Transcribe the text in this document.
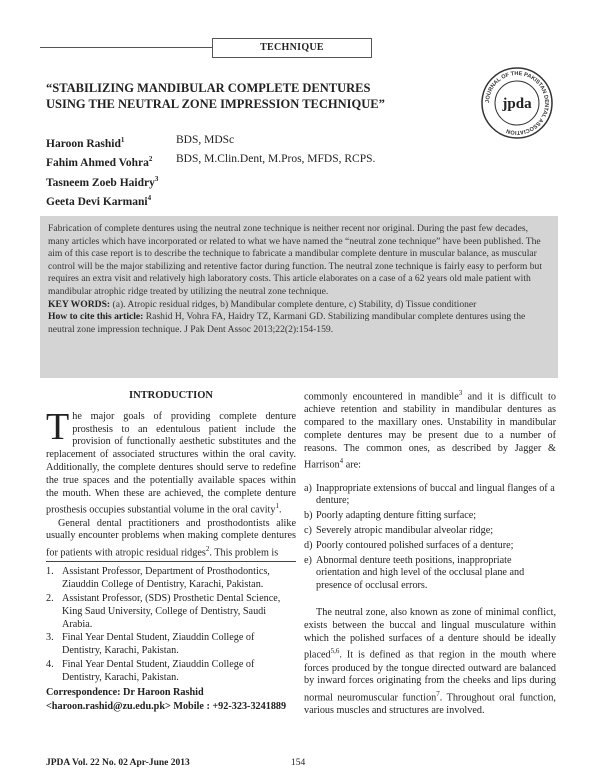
TECHNIQUE
“STABILIZING MANDIBULAR COMPLETE DENTURES
USING THE NEUTRAL ZONE IMPRESSION TECHNIQUE”	JOURNAL OF THE PAKISTAN DENTAL ASSOCIATION
jpda
Haroon Rashid$^1$	BDS, MDSc
Fahim Ahmed Vohra$^2$	BDS, M.Clin.Dent, M.Pros, MFDS, RCPS.
Tasneem Zoeb Haidry$^3$
Geeta Devi Karmani$^4$

Fabrication of complete dentures using the neutral zone technique is neither recent nor original. During the past few decades, many articles which have incorporated or related to what we have named the “neutral zone technique” have been published. The aim of this case report is to describe the technique to fabricate a mandibular complete denture in muscular balance, as muscular control will be the major stabilizing and retentive factor during function. The neutral zone technique is fairly easy to perform but requires an extra visit and relatively high laboratory costs. This article elaborates on a case of a 62 years old male patient with mandibular atrophic ridge treated by utilizing the neutral zone technique.

KEY WORDS: (a). Atropic residual ridges, b) Mandibular complete denture, c) Stability, d) Tissue conditioner

How to cite this article: Rashid H, Vohra FA, Haidry TZ, Karmani GD. Stabilizing mandibular complete dentures using the neutral zone impression technique. J Pak Dent Assoc 2013;22(2):154-159.

INTRODUCTION

The major goals of providing complete denture prosthesis to an edentulous patient include the provision of functionally aesthetic substitutes and the replacement of associated structures within the oral cavity. Additionally, the complete dentures should serve to redefine the true spaces and the potentially available spaces within the mouth. When these are achieved, the complete denture prosthesis occupies substantial volume in the oral cavity$^1$.

General dental practitioners and prosthodontists alike usually encounter problems when making complete dentures for patients with atropic residual ridges$^2$. This problem is

1. Assistant Professor, Department of Prosthodontics, Ziauddin College of Dentistry, Karachi, Pakistan.
2. Assistant Professor, (SDS) Prosthetic Dental Science, King Saud University, College of Dentistry, Saudi Arabia.
3. Final Year Dental Student, Ziauddin College of Dentistry, Karachi, Pakistan.
4. Final Year Dental Student, Ziauddin College of Dentistry, Karachi, Pakistan.
Correspondence: Dr Haroon Rashid
<haroon.rashid@zu.edu.pk> Mobile : +92-323-3241889

commonly encountered in mandible$^3$ and it is difficult to achieve retention and stability in mandibular dentures as compared to the maxillary ones. Unstability in mandibular complete dentures may be present due to a number of reasons. The common ones, as described by Jagger & Harrison$^4$ are:

a) Inappropriate extensions of buccal and lingual flanges of a denture;
b) Poorly adapting denture fitting surface;
c) Severely atropic mandibular alveolar ridge;
d) Poorly contoured polished surfaces of a denture;
e) Abnormal denture teeth positions, inappropriate orientation and high level of the occlusal plane and presence of occlusal errors.

The neutral zone, also known as zone of minimal conflict, exists between the buccal and lingual musculature within which the polished surfaces of a denture should be ideally placed$^{5,6}$. It is defined as that region in the mouth where forces produced by the tongue directed outward are balanced by inward forces originating from the cheeks and lips during normal neuromuscular function$^7$. Throughout oral function, various muscles and structures are involved.

JPDA Vol. 22 No. 02 Apr-June 2013	154
